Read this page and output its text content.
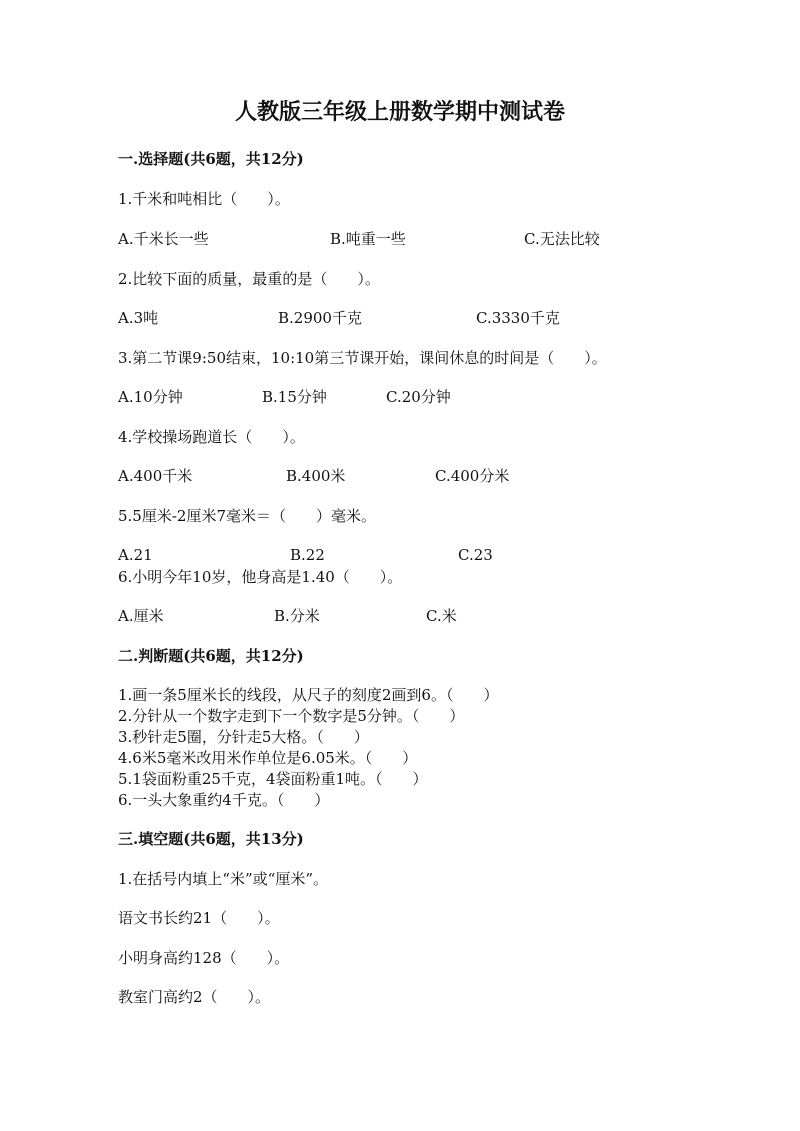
人教版三年级上册数学期中测试卷
一.选择题(共6题，共12分)
1.千米和吨相比（　　）。
A.千米长一些	B.吨重一些	C.无法比较
2.比较下面的质量，最重的是（　　）。
A.3吨	B.2900千克	C.3330千克
3.第二节课9:50结束，10:10第三节课开始，课间休息的时间是（　　）。
A.10分钟	B.15分钟	C.20分钟
4.学校操场跑道长（　　）。
A.400千米	B.400米	C.400分米
5.5厘米-2厘米7毫米＝（　　）毫米。
A.21	B.22	C.23
6.小明今年10岁，他身高是1.40（　　）。
A.厘米	B.分米	C.米
二.判断题(共6题，共12分)
1.画一条5厘米长的线段，从尺子的刻度2画到6。（　　）
2.分针从一个数字走到下一个数字是5分钟。（　　）
3.秒针走5圈，分针走5大格。（　　）
4.6米5毫米改用米作单位是6.05米。（　　）
5.1袋面粉重25千克，4袋面粉重1吨。（　　）
6.一头大象重约4千克。（　　）
三.填空题(共6题，共13分)
1.在括号内填上“米”或“厘米”。
语文书长约21（　　）。
小明身高约128（　　）。
教室门高约2（　　）。
